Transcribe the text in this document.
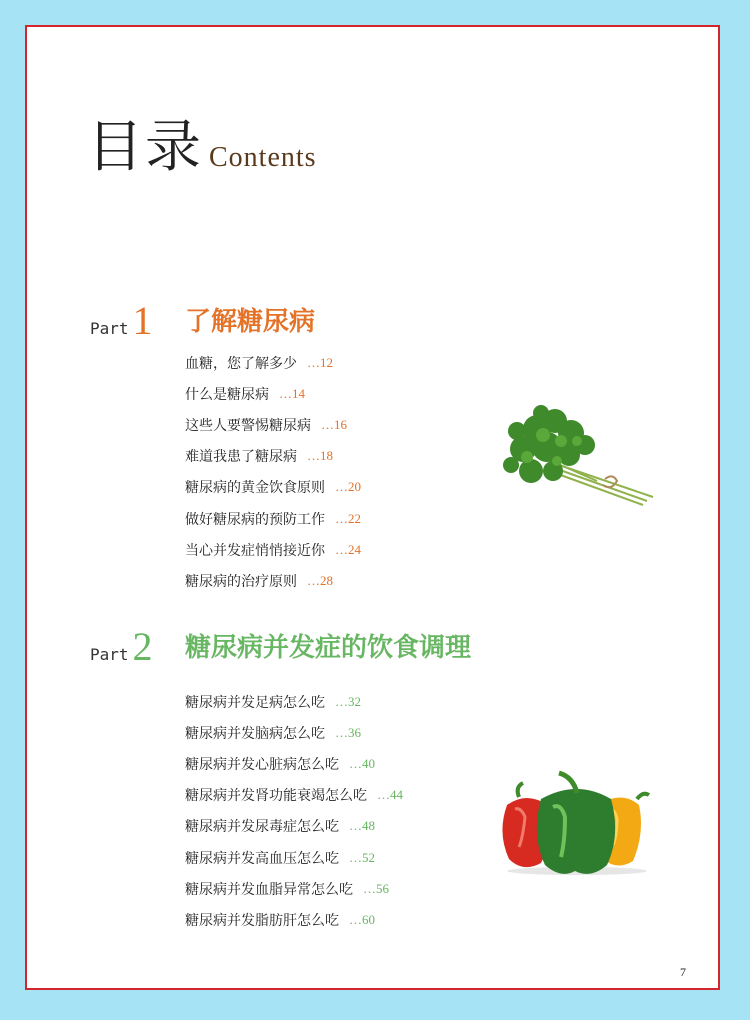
目录 Contents
Part 1 了解糖尿病
血糖，您了解多少 …12
什么是糖尿病 …14
这些人要警惕糖尿病 …16
难道我患了糖尿病 …18
糖尿病的黄金饮食原则 …20
做好糖尿病的预防工作 …22
当心并发症悄悄接近你 …24
糖尿病的治疗原则 …28
Part 2 糖尿病并发症的饮食调理
糖尿病并发足病怎么吃 …32
糖尿病并发脑病怎么吃 …36
糖尿病并发心脏病怎么吃 …40
糖尿病并发肾功能衰竭怎么吃 …44
糖尿病并发尿毒症怎么吃 …48
糖尿病并发高血压怎么吃 …52
糖尿病并发血脂异常怎么吃 …56
糖尿病并发脂肪肝怎么吃 …60
7
